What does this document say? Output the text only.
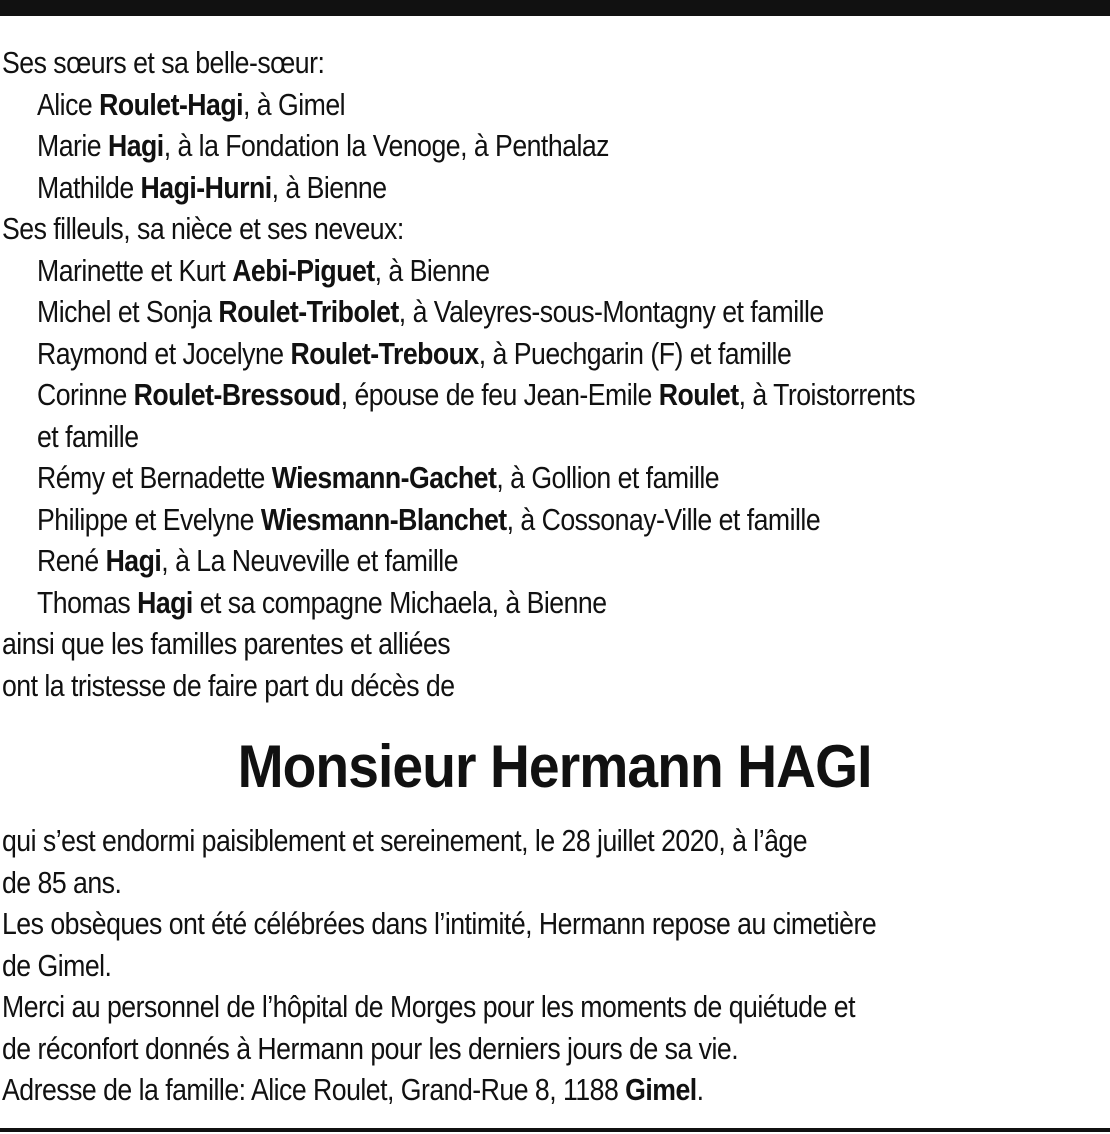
Ses sœurs et sa belle-sœur:
Alice Roulet-Hagi, à Gimel
Marie Hagi, à la Fondation la Venoge, à Penthalaz
Mathilde Hagi-Hurni, à Bienne
Ses filleuls, sa nièce et ses neveux:
Marinette et Kurt Aebi-Piguet, à Bienne
Michel et Sonja Roulet-Tribolet, à Valeyres-sous-Montagny et famille
Raymond et Jocelyne Roulet-Treboux, à Puechgarin (F) et famille
Corinne Roulet-Bressoud, épouse de feu Jean-Emile Roulet, à Troistorrents
et famille
Rémy et Bernadette Wiesmann-Gachet, à Gollion et famille
Philippe et Evelyne Wiesmann-Blanchet, à Cossonay-Ville et famille
René Hagi, à La Neuveville et famille
Thomas Hagi et sa compagne Michaela, à Bienne
ainsi que les familles parentes et alliées
ont la tristesse de faire part du décès de
Monsieur Hermann HAGI
qui s’est endormi paisiblement et sereinement, le 28 juillet 2020, à l’âge
de 85 ans.
Les obsèques ont été célébrées dans l’intimité, Hermann repose au cimetière
de Gimel.
Merci au personnel de l’hôpital de Morges pour les moments de quiétude et
de réconfort donnés à Hermann pour les derniers jours de sa vie.
Adresse de la famille: Alice Roulet, Grand-Rue 8, 1188 Gimel.
